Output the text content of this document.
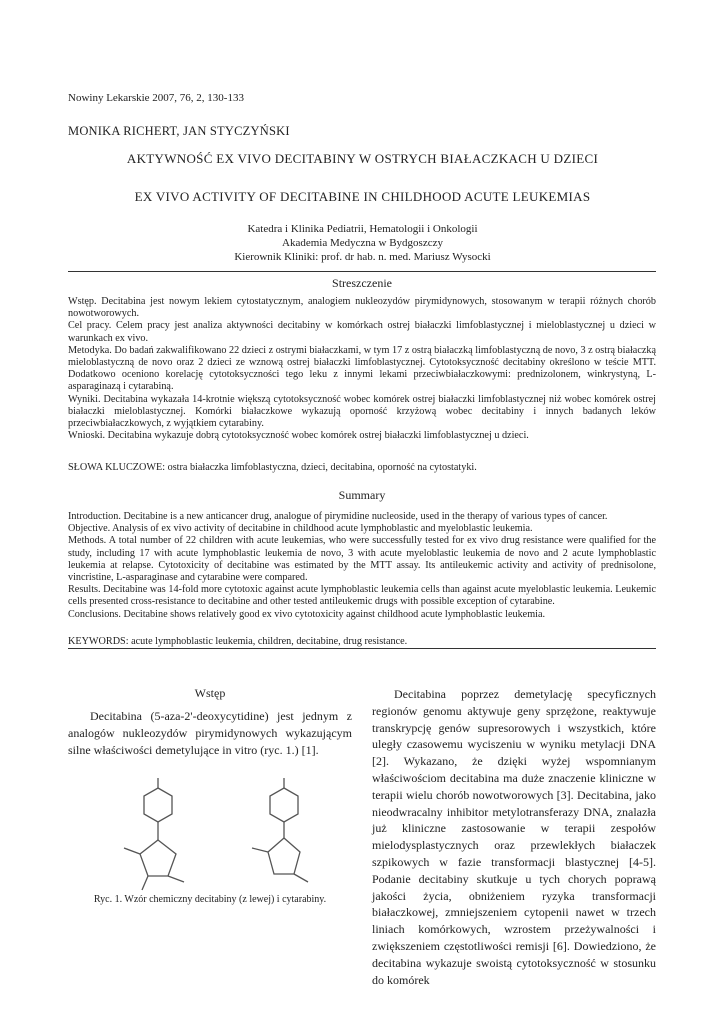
Nowiny Lekarskie 2007, 76, 2, 130-133
MONIKA RICHERT, JAN STYCZYŃSKI
AKTYWNOŚĆ EX VIVO DECITABINY W OSTRYCH BIAŁACZKACH U DZIECI
EX VIVO ACTIVITY OF DECITABINE IN CHILDHOOD ACUTE LEUKEMIAS
Katedra i Klinika Pediatrii, Hematologii i Onkologii
Akademia Medyczna w Bydgoszczy
Kierownik Kliniki: prof. dr hab. n. med. Mariusz Wysocki
Streszczenie

Wstęp. Decitabina jest nowym lekiem cytostatycznym, analogiem nukleozydów pirymidynowych, stosowanym w terapii różnych chorób nowotworowych.

Cel pracy. Celem pracy jest analiza aktywności decitabiny w komórkach ostrej białaczki limfoblastycznej i mieloblastycznej u dzieci w warunkach ex vivo.

Metodyka. Do badań zakwalifikowano 22 dzieci z ostrymi białaczkami, w tym 17 z ostrą białaczką limfoblastyczną de novo, 3 z ostrą białaczką mieloblastyczną de novo oraz 2 dzieci ze wznową ostrej białaczki limfoblastycznej. Cytotoksyczność decitabiny określono w teście MTT. Dodatkowo oceniono korelację cytotoksyczności tego leku z innymi lekami przeciwbiałaczkowymi: prednizolonem, winkrystyną, L-asparaginazą i cytarabiną.

Wyniki. Decitabina wykazała 14-krotnie większą cytotoksyczność wobec komórek ostrej białaczki limfoblastycznej niż wobec komórek ostrej białaczki mieloblastycznej. Komórki białaczkowe wykazują oporność krzyżową wobec decitabiny i innych badanych leków przeciwbiałaczkowych, z wyjątkiem cytarabiny.

Wnioski. Decitabina wykazuje dobrą cytotoksyczność wobec komórek ostrej białaczki limfoblastycznej u dzieci.

SŁOWA KLUCZOWE: ostra białaczka limfoblastyczna, dzieci, decitabina, oporność na cytostatyki.
Summary

Introduction. Decitabine is a new anticancer drug, analogue of pirymidine nucleoside, used in the therapy of various types of cancer.

Objective. Analysis of ex vivo activity of decitabine in childhood acute lymphoblastic and myeloblastic leukemia.

Methods. A total number of 22 children with acute leukemias, who were successfully tested for ex vivo drug resistance were qualified for the study, including 17 with acute lymphoblastic leukemia de novo, 3 with acute myeloblastic leukemia de novo and 2 acute lymphoblastic leukemia at relapse. Cytotoxicity of decitabine was estimated by the MTT assay. Its antileukemic activity and activity of prednisolone, vincristine, L-asparaginase and cytarabine were compared.

Results. Decitabine was 14-fold more cytotoxic against acute lymphoblastic leukemia cells than against acute myeloblastic leukemia. Leukemic cells presented cross-resistance to decitabine and other tested antileukemic drugs with possible exception of cytarabine.

Conclusions. Decitabine shows relatively good ex vivo cytotoxicity against childhood acute lymphoblastic leukemia.

KEYWORDS: acute lymphoblastic leukemia, children, decitabine, drug resistance.
Wstęp

Decitabina (5-aza-2'-deoxycytidine) jest jednym z analogów nukleozydów pirymidynowych wykazującym silne właściwości demetylujące in vitro (ryc. 1.) [1].

Ryc. 1. Wzór chemiczny decitabiny (z lewej) i cytarabiny.

Decitabina poprzez demetylację specyficznych regionów genomu aktywuje geny sprzężone, reaktywuje transkrypcję genów supresorowych i wszystkich, które uległy czasowemu wyciszeniu w wyniku metylacji DNA [2]. Wykazano, że dzięki wyżej wspomnianym właściwościom decitabina ma duże znaczenie kliniczne w terapii wielu chorób nowotworowych [3]. Decitabina, jako nieodwracalny inhibitor metylotransferazy DNA, znalazła już kliniczne zastosowanie w terapii zespołów mielodysplastycznych oraz przewlekłych białaczek szpikowych w fazie transformacji blastycznej [4-5]. Podanie decitabiny skutkuje u tych chorych poprawą jakości życia, obniżeniem ryzyka transformacji białaczkowej, zmniejszeniem cytopenii nawet w trzech liniach komórkowych, wzrostem przeżywalności i zwiększeniem częstotliwości remisji [6]. Dowiedziono, że decitabina wykazuje swoistą cytotoksyczność w stosunku do komórek
